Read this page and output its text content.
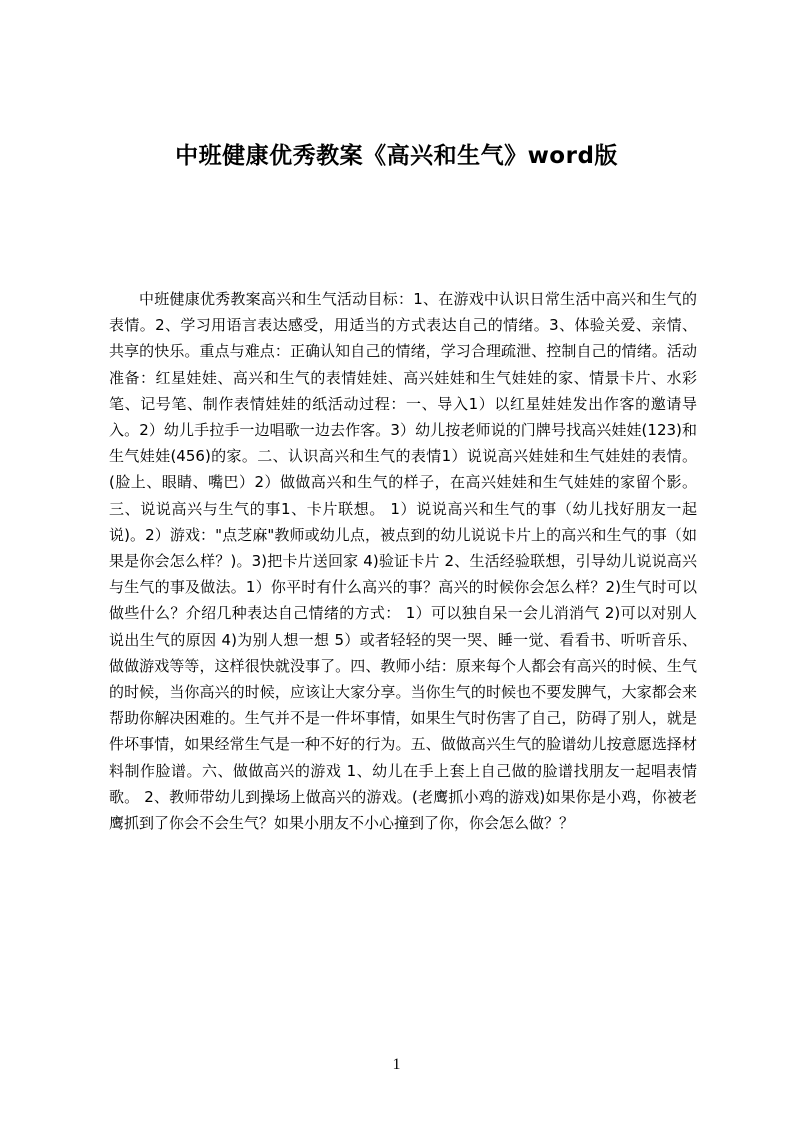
中班健康优秀教案《高兴和生气》word版

中班健康优秀教案高兴和生气活动目标：1、在游戏中认识日常生活中高兴和生气的表情。2、学习用语言表达感受，用适当的方式表达自己的情绪。3、体验关爱、亲情、共享的快乐。重点与难点：正确认知自己的情绪，学习合理疏泄、控制自己的情绪。活动准备：红星娃娃、高兴和生气的表情娃娃、高兴娃娃和生气娃娃的家、情景卡片、水彩笔、记号笔、制作表情娃娃的纸活动过程：一、导入1）以红星娃娃发出作客的邀请导入。2）幼儿手拉手一边唱歌一边去作客。3）幼儿按老师说的门牌号找高兴娃娃(123)和生气娃娃(456)的家。二、认识高兴和生气的表情1）说说高兴娃娃和生气娃娃的表情。(脸上、眼睛、嘴巴）2）做做高兴和生气的样子，在高兴娃娃和生气娃娃的家留个影。三、说说高兴与生气的事1、卡片联想。 1）说说高兴和生气的事（幼儿找好朋友一起说)。2）游戏："点芝麻"教师或幼儿点，被点到的幼儿说说卡片上的高兴和生气的事（如果是你会怎么样？)。3)把卡片送回家 4)验证卡片 2、生活经验联想，引导幼儿说说高兴与生气的事及做法。1）你平时有什么高兴的事？高兴的时候你会怎么样？2)生气时可以做些什么？介绍几种表达自己情绪的方式： 1）可以独自呆一会儿消消气 2)可以对别人说出生气的原因 4)为别人想一想 5）或者轻轻的哭一哭、睡一觉、看看书、听听音乐、做做游戏等等，这样很快就没事了。四、教师小结：原来每个人都会有高兴的时候、生气的时候，当你高兴的时候，应该让大家分享。当你生气的时候也不要发脾气，大家都会来帮助你解决困难的。生气并不是一件坏事情，如果生气时伤害了自己，防碍了别人，就是件坏事情，如果经常生气是一种不好的行为。五、做做高兴生气的脸谱幼儿按意愿选择材料制作脸谱。六、做做高兴的游戏 1、幼儿在手上套上自己做的脸谱找朋友一起唱表情歌。 2、教师带幼儿到操场上做高兴的游戏。(老鹰抓小鸡的游戏)如果你是小鸡，你被老鹰抓到了你会不会生气？如果小朋友不小心撞到了你，你会怎么做？？

1
